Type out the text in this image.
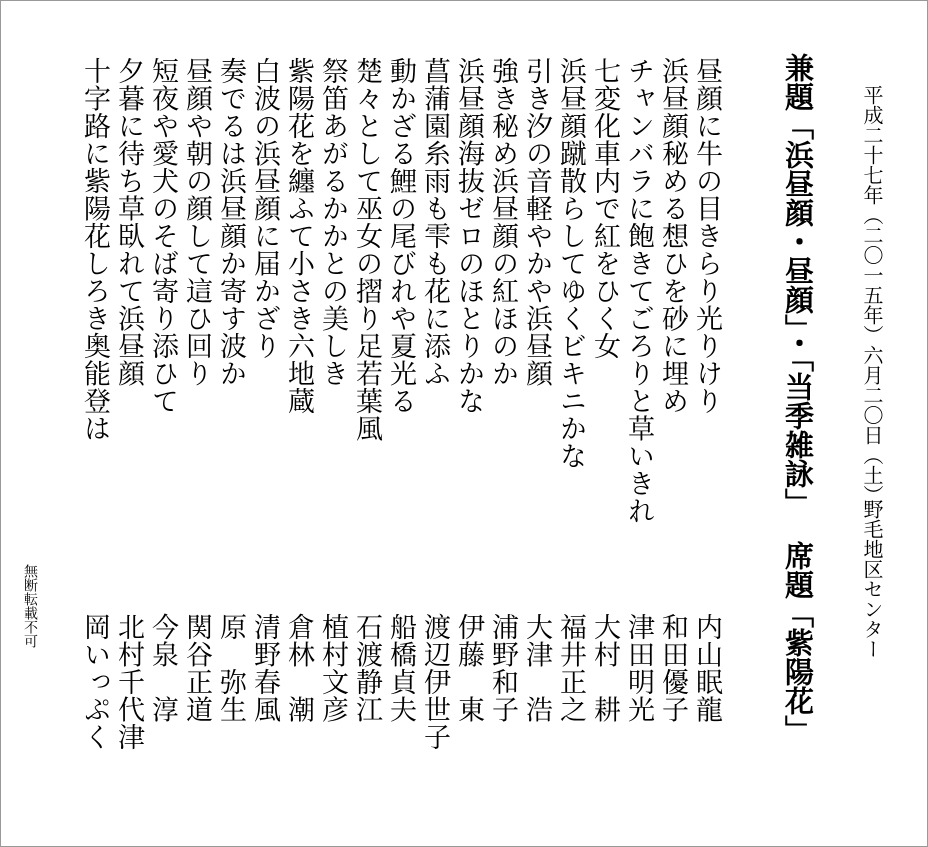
平成二十七年（二〇一五年）六月二〇日（土）
野毛地区センター
兼題「浜昼顔・昼顔」・「当季雑詠」
席題「紫陽花」
昼顔に牛の目きらり光りけり
内山眠龍
浜昼顔秘める想ひを砂に埋め
和田優子
チャンバラに飽きてごろりと草いきれ
津田明光
七変化車内で紅をひく女
大村　耕
浜昼顔蹴散らしてゆくビキニかな
福井正之
引き汐の音軽やかや浜昼顔
大津　浩
強き秘め浜昼顔の紅ほのか
浦野和子
浜昼顔海抜ゼロのほとりかな
伊藤　東
菖蒲園糸雨も雫も花に添ふ
渡辺伊世子
動かざる鯉の尾びれや夏光る
船橋貞夫
楚々として巫女の摺り足若葉風
石渡静江
祭笛あがるかかとの美しき
植村文彦
紫陽花を纏ふて小さき六地蔵
倉林　潮
白波の浜昼顔に届かざり
清野春風
奏でるは浜昼顔か寄す波か
原　弥生
昼顔や朝の顔して這ひ回り
関谷正道
短夜や愛犬のそば寄り添ひて
今泉　淳
夕暮に待ち草臥れて浜昼顔
北村千代津
十字路に紫陽花しろき奥能登は
岡いっぷく
無断転載不可
